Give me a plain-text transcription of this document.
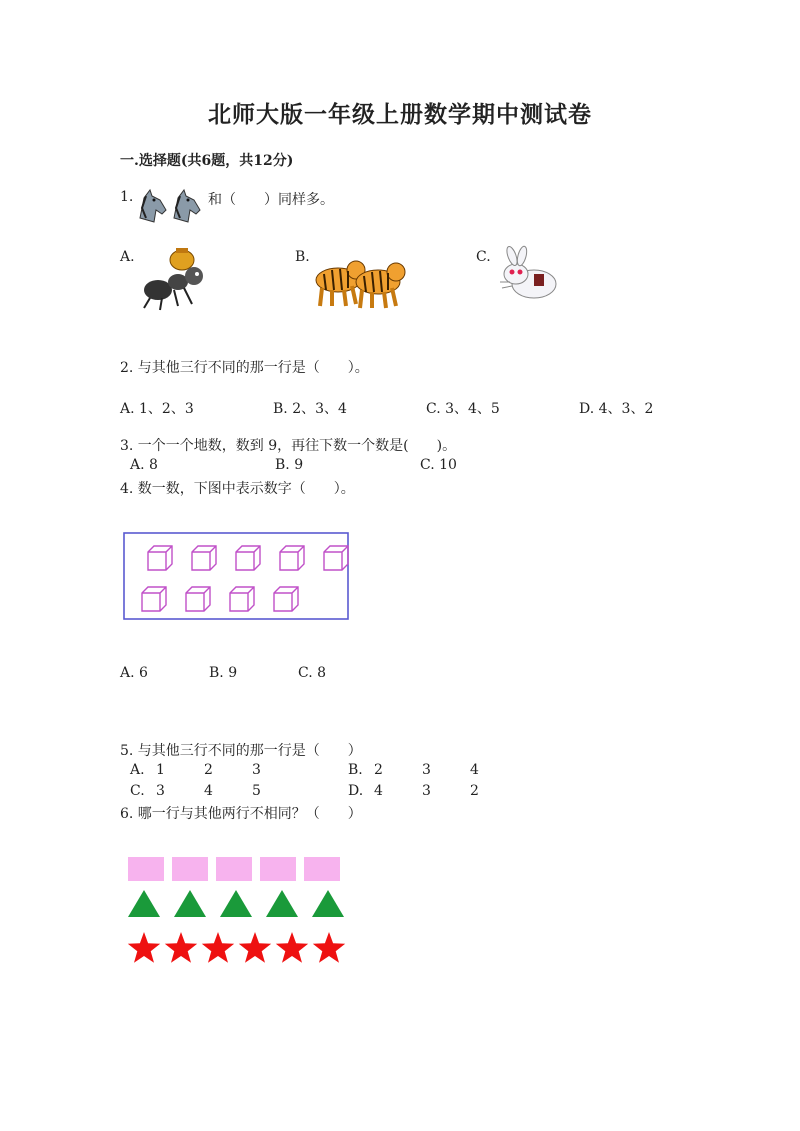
北师大版一年级上册数学期中测试卷
一.选择题(共6题，共12分)
1.	和（　　）同样多。
A.	B.	C.
2. 与其他三行不同的那一行是（　　）。
A. 1、2、3	B. 2、3、4	C. 3、4、5	D. 4、3、2
3. 一个一个地数，数到 9，再往下数一个数是(　　)。
A. 8	B. 9	C. 10
4. 数一数，下图中表示数字（　　）。
A. 6	B. 9	C. 8
5. 与其他三行不同的那一行是（　　）
A. 1	2	3	B. 2	3	4
C. 3	4	5	D. 4	3	2
6. 哪一行与其他两行不相同？（　　）
